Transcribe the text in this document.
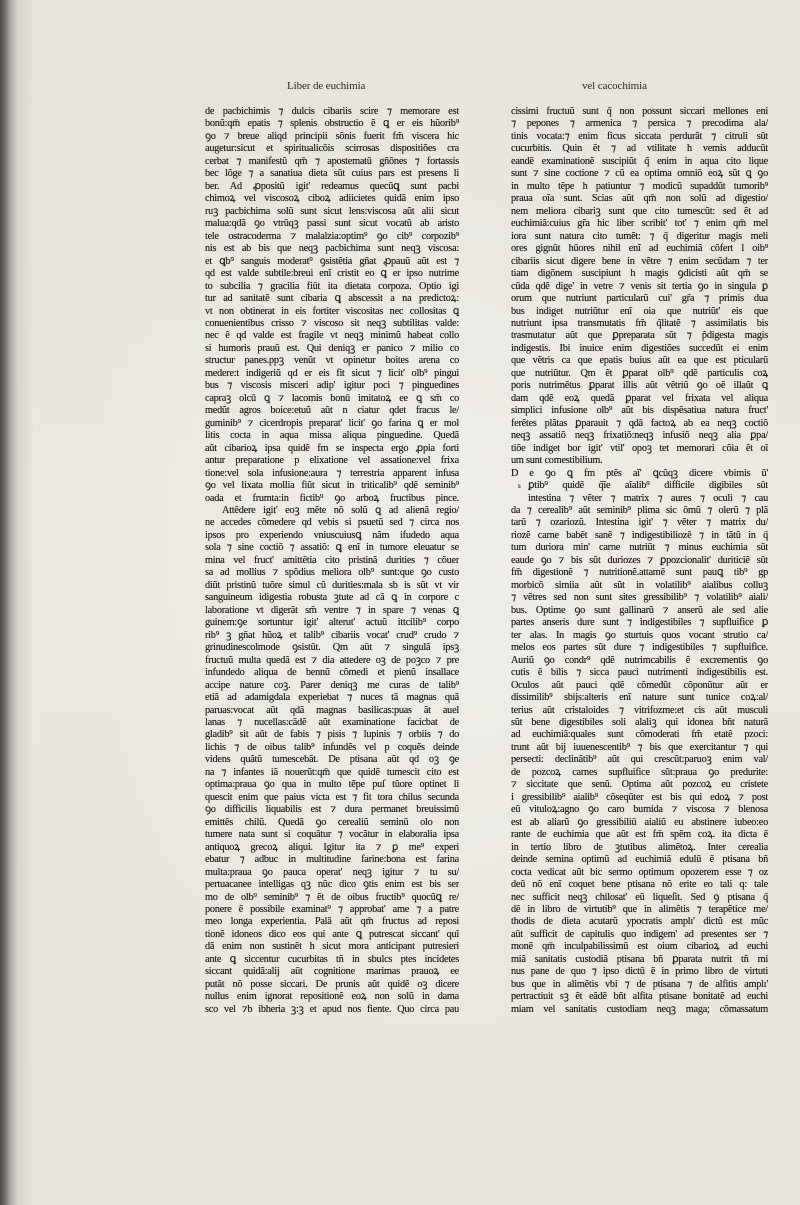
Liber de euchimia	vel cacochimia
de pacbichimis ⁊ dulcis cibariis scire ⁊ memorare est
bonũ:qm̄ epatis ⁊ splenis obstructio ẽ ꝗ er eis hũorib⁹
ꝯo ⁊ breue aliqd principii sõnis fuerit fm̃ viscera hic
augetur:sicut et spiritualicõis scirrosas dispositiões cra
cerbat ⁊ manifestũ qm̄ ⁊ apostematũ gñõnes ⁊ fortassis
bec lõge ⁊ a sanatiua dieta sũt cuius pars est presens li
ber. Ad ꝓpositũ igit' redeamus quecũꝗ sunt pacbi
chimoꝝ vel viscosoꝝ ciboꝝ adiicietes quidã enim ipso
ruꝫ pacbichima solũ sunt sicut lens:viscosa aũt alii sicut
malua:qdã ꝯo vtrũqꝫ passi sunt sicut vocatũ ab aristo
tele ostracoderma ⁊ malalzia:optim⁹ ꝯo cib⁹ corpozib⁹
nis est ab bis que neqꝫ pacbichima sunt neqꝫ viscosa:
et ꝗb⁹ sanguis moderat⁹ ꝯsistẽtia gñat ꝓpauũ aũt est ⁊
qd est valde subtile:breui enĩ cristit eo ꝗ er ipso nutrime
to subcilia ⁊ gracilia fiũt ita dietata corpoza. Optio igi
tur ad sanitatẽ sunt cibaria ꝗ abscessit a na predictoꝝ:
vt non obtinerat in eis fortiter viscositas nec collositas ꝗ
conuenientibus crisso ⁊ viscoso sit neqꝫ subtilitas valde:
nec ẽ qd valde est fragile vt neqꝫ minimũ habeat collo
si humoris prauũ est. Qui deniqꝫ er panico ⁊ milio co
structur panes.ppꝫ venũt vt opinetur boites arena co
medere:t indigeriũ qd er eis fit sicut ⁊ licit' olb⁹ pingui
bus ⁊ viscosis misceri adip' igitur poci ⁊ pinguedines
capraꝫ olcū ꝗ ⁊ lacomis bonū imitatoꝝ ee ꝗ sm̃ co
medũt agros boice:etuũ aũt n ciatur qdet fracus le/
guminib⁹ ⁊ cicerdropis preparat' licit' ꝯo farina ꝗ er mol
litis cocta in aqua missa aliqua pinguedine. Quedã
aũt cibarioꝝ ipsa quidẽ fm se inspecta ergo ꝓpia forti
antur preparatione p elixatione vel assatione:vel frixa
tione:vel sola infusione:aura ⁊ terrestria apparent infusa
ꝯo vel lixata mollia fiũt sicut in triticalib⁹ qdẽ seminib⁹
oada et frumta:in fictib⁹ ꝯo arboꝝ fructibus pince.
Attẽdere igit' eoꝫ mẽte nõ solũ ꝗ ad alienã regio/
ne accedes cõmedere qd vebis si psuetũ sed ⁊ circa nos
ipsos pro experiendo vniuscuiusꝗ nãm ifudedo aqua
sola ⁊ sine coctiõ ⁊ assatiõ: ꝗ enĩ in tumore eleuatur se
mina vel fruct' amittẽtia cito pristinã durities ⁊ cõuer
sa ad mollius ⁊ spõdius meliora olb⁹ sunt:que ꝯo custo
diũt pristinũ tuõre simul cũ durities:mala sb̃ is sũt vt vir
sanguineum idigestia robusta ꝫtute ad cã ꝗ in corpore c
laboratione vt digerãt sm̃ ventre ⁊ in spare ⁊ venas ꝗ
guinem:ꝯe sortuntur igit' alterut' actuũ ittcilib⁹ corpo
rib⁹ ꝫ gñat hũoꝝ et talib⁹ cibariis vocat' crud⁹ crudo ⁊
grinudinescolmode ꝯsistũt. Qm aũt ⁊ singulã ipsꝫ
fructuũ multa quedã est ⁊ dia attedere oꝫ de poꝫco ⁊ pre
infundedo aliqua de bennũ cõmedi et pienũ insallace
accipe nature coꝫ. Parer deniqꝫ me curas de talib⁹
etiã ad adamigdala experiebat ⁊ nuces tã magnas quã
paruas:vocat aũt qdã magnas basilicas:puas ãt auel
lanas ⁊ nucellas:cãdẽ aũt examinatione facicbat de
gladib⁹ sit aũt de fabis ⁊ pisis ⁊ lupinis ⁊ orbiis ⁊ do
lichis ⁊ de oibus talib⁹ infundẽs vel p coquẽs deinde
videns quãtũ tumescebãt. De ptisana aũt qd oꝫ ꝯe
na ⁊ infantes iã nouerũt:qm̄ que quidẽ tumescit cito est
optima:praua ꝯo qua in multo tẽpe puſ tũore optinet li
quescit enim que paius victa est ⁊ fit tora chilus secunda
ꝯo difficilis liquabilis est ⁊ dura permanet breuissimũ
emittẽs chilũ. Quedã ꝯo cerealiũ seminũ olo non
tumere nata sunt si coquãtur ⁊ vocãtur in elaboralia ipsa
antiquoꝝ grecoꝝ aliqui. Igitur ita ⁊ ꝑ me⁹ experi
ebatur ⁊ adbuc in multitudine farine:bona est farina
multa:praua ꝯo pauca operat' neqꝫ igitur ⁊ tu su/
pertuacanee intelligas qꝫ nũc dico ꝯtis enim est bis ser
mo de olb⁹ seminib⁹ ⁊ ẽt de oibus fructib⁹ quocũꝗ re/
ponere ẽ possibile examinat⁹ ⁊ approbat' ame ⁊ a patre
meo longa experientia. Palã aũt qm̄ fructus ad reposi
tionẽ idoneos dico eos qui ante ꝗ putrescat siccant' quĩ
dã enim non sustinẽt h sicut mora anticipant putresieri
ante ꝗ siccentur cucurbitas tñ in sbulcs ptes incidetes
siccant quidã:alij aũt cognitione marimas prauoꝝ ee
putãt nõ posse siccari. De prunis aũt quidẽ oꝫ dicere
nullus enim ignorat repositionẽ eoꝝ non solũ in dama
sco vel ⁊b ibheria ꝫ:ꝫ et apud nos fiente. Quo circa pau
s
cissimi fructuũ sunt q̃ non possunt siccari mellones eni
⁊ pepones ⁊ armenica ⁊ persica ⁊ precodima ala/
tinis vocata:⁊ enim ficus siccata perdurãt ⁊ citruli sũt
cucurbitis. Quin ẽt ⁊ ad vtilitate h vemis adducũt
eandẽ examinationẽ suscipiũt q̃ enim in aqua cito lique
sunt ⁊ sine coctione ⁊ cũ ea optima omniõ eoꝝ sũt ꝗ ꝯo
in multo tẽpe h patiuntur ⁊ modicũ supaddũt tumorib⁹
praua oĩa sunt. Scias aũt qm̄ non solũ ad digestio/
nem meliora cibariꝫ sunt que cito tumescũt: sed ẽt ad
euchimiã:cuius gr̃a hic liber scribit' tot' ⁊ enim qm̄ mel
iora sunt natura cito tumẽt: ⁊ q̃ digeritur magis meli
ores gignũt hũores nihil enĩ ad euchimiã cõfert l oib⁹
cibariis sicut digere bene in vẽtre ⁊ enim secũdam ⁊ ter
tiam digõnem suscipiunt h magis ꝯdicisti aũt qm̄ se
cũda qdẽ dige' in vetre ⁊ venis sit tertia ꝯo in singula ꝑ
orum que nutriunt particularũ cui' gr̃a ⁊ primis dua
bus indiget nutriũtur enĩ oia que nutriũt' eis que
nutriunt ipsa transmutatis fm̃ q̃litatẽ ⁊ assimilatis bis
trasmutatur aũt que ꝑpreparata sũt ⁊ p̃digesta magis
indigestis. Ibi inuice enim digestiões succedũt ei enim
que vẽtris ca que epatis buius aũt ea que est pticularũ
que nutriũtur. Qm ẽt ꝑparat olb⁹ qdẽ particulis coꝝ
poris nutrimẽtus ꝑparat illis aũt vẽtriũ ꝯo oẽ illaũt ꝗ
dam qdẽ eoꝝ quedã ꝑparat vel frixata vel aliqua
simplici infusione olb⁹ aũt bis dispẽsatiua natura fruct'
ferẽtes plãtas ꝑparauit ⁊ qdã factoꝝ ab ea neqꝫ coctiõ
neqꝫ assatiõ neqꝫ frixatiõ:neqꝫ infusiõ neqꝫ alia ꝑpa/
tiõe indiget bor igit' vtil' opoꝫ tet memorari cõia ẽt oĩ
um sunt comestibilium.
D e ꝯo ꝗ fm ptẽs aĩ' ꝗcũqꝫ dicere vbimis ũ'
ꝑtib⁹ quidẽ q̃ĩe aĩalib⁹ difficile digibiles sũt
intestina ⁊ vẽter ⁊ matrix ⁊ aures ⁊ oculi ⁊ cau
da ⁊ cerealib⁹ aũt seminib⁹ plima sic õmũ ⁊ olerũ ⁊ plã
tarũ ⁊ ozariozũ. Intestina igit' ⁊ vẽter ⁊ matrix du/
riozẽ carne babẽt sanẽ ⁊ indigestibiliozẽ ⁊ in tãtũ in q̃
tum duriora min' carne nutriũt ⁊ minus euchimia sũt
eaude ꝯo ⁊ bis sũt duriozes ⁊ ꝑpozcionalit' duriticiẽ sũt
fm̃ digestionẽ ⁊ nutritionẽ.attamẽ sunt pauꝗ tib⁹ gp
morbicõ simiia aũt sũt in volatilib⁹ aialibus colluꝫ
⁊ vẽtres sed non sunt sites gressibilib⁹ ⁊ volatilib⁹ aiali/
bus. Optime ꝯo sunt gallinarũ ⁊ anserũ ale sed alie
partes anseris dure sunt ⁊ indigestibiles ⁊ supfluifice ꝑ
ter alas. In magis ꝯo sturtuis quos vocant strutio ca/
melos eos partes sũt dure ⁊ indigestibiles ⁊ supfluifice.
Auriũ ꝯo condr⁹ qdẽ nutrimcabilis ẽ excrementis ꝯo
cutis ẽ bilis ⁊ sicca pauci nutrimenti indigestibilis est.
Oculos aũt pauci qdẽ cõmedũt cõponũtur aũt er
dissimilib⁹ sbijs:alteris enĩ nature sunt tunice coꝝ:al/
terius aũt cristaloides ⁊ vitrifozme:et cis aũt musculi
sũt bene digestibiles soli alaliꝫ qui idonea bñt naturã
ad euchimiã:quales sunt cõmoderati fm̃ etatẽ pzoci:
trunt aũt bij iuuenescentib⁹ ⁊ bis que exercitantur ⁊ qui
persecti: declinãtib⁹ aũt qui crescũt:paruoꝫ enim val/
de pozcoꝝ carnes supfluifice sũt:praua ꝯo predurite:
⁊ siccitate que senũ. Optima aũt pozcoꝝ eu cristete
i gressibilib⁹ aialib⁹ cõseqũter est bis qui edoꝝ ⁊ post
eũ vituloꝝ:agno ꝯo caro bumida ⁊ viscosa ⁊ blenosa
est ab aliarũ ꝯo gressibiliũ aialiũ eu abstinere iubeo:eo
rante de euchimia que aũt est fm̃ spẽm coꝝ. ita dicta ẽ
in tertio libro de ꝫtutibus alimẽtoꝝ. Inter cerealia
deinde semina optimũ ad euchimiã edulũ ẽ ptisana bñ
cocta vedicat aũt bic sermo optimum opozerem esse ⁊ oz
deũ nõ enĩ coquet bene ptisana nõ erite eo tali q: tale
nec sufficit neqꝫ chilosat' eũ liqueſit. Sed ꝯ ptisana q̃
dẽ in libro de virtutib⁹ que in alimẽtis ⁊ terapẽtice me/
thodis de dieta acutarũ ypocratis amplı' dictũ est mũc
aũt sufficit de capitulis quo indigem' ad presentes ser ⁊
monẽ qm̄ inculpabilissimũ est oium cibarioꝝ ad euchi
miã sanitatis custodiã ptisana bñ ꝑparata nutrit tñ mi
nus pane de quo ⁊ ipso dictũ ẽ in primo libro de virtuti
bus que in alimẽtis vbi ⁊ de ptisana ⁊ de alfitis amplı'
pertractiuit sꝫ ẽt eãdẽ bñt alfita ptisane bonitatẽ ad euchi
miam vel sanitatis custodiam neqꝫ maga; cõmassatum
